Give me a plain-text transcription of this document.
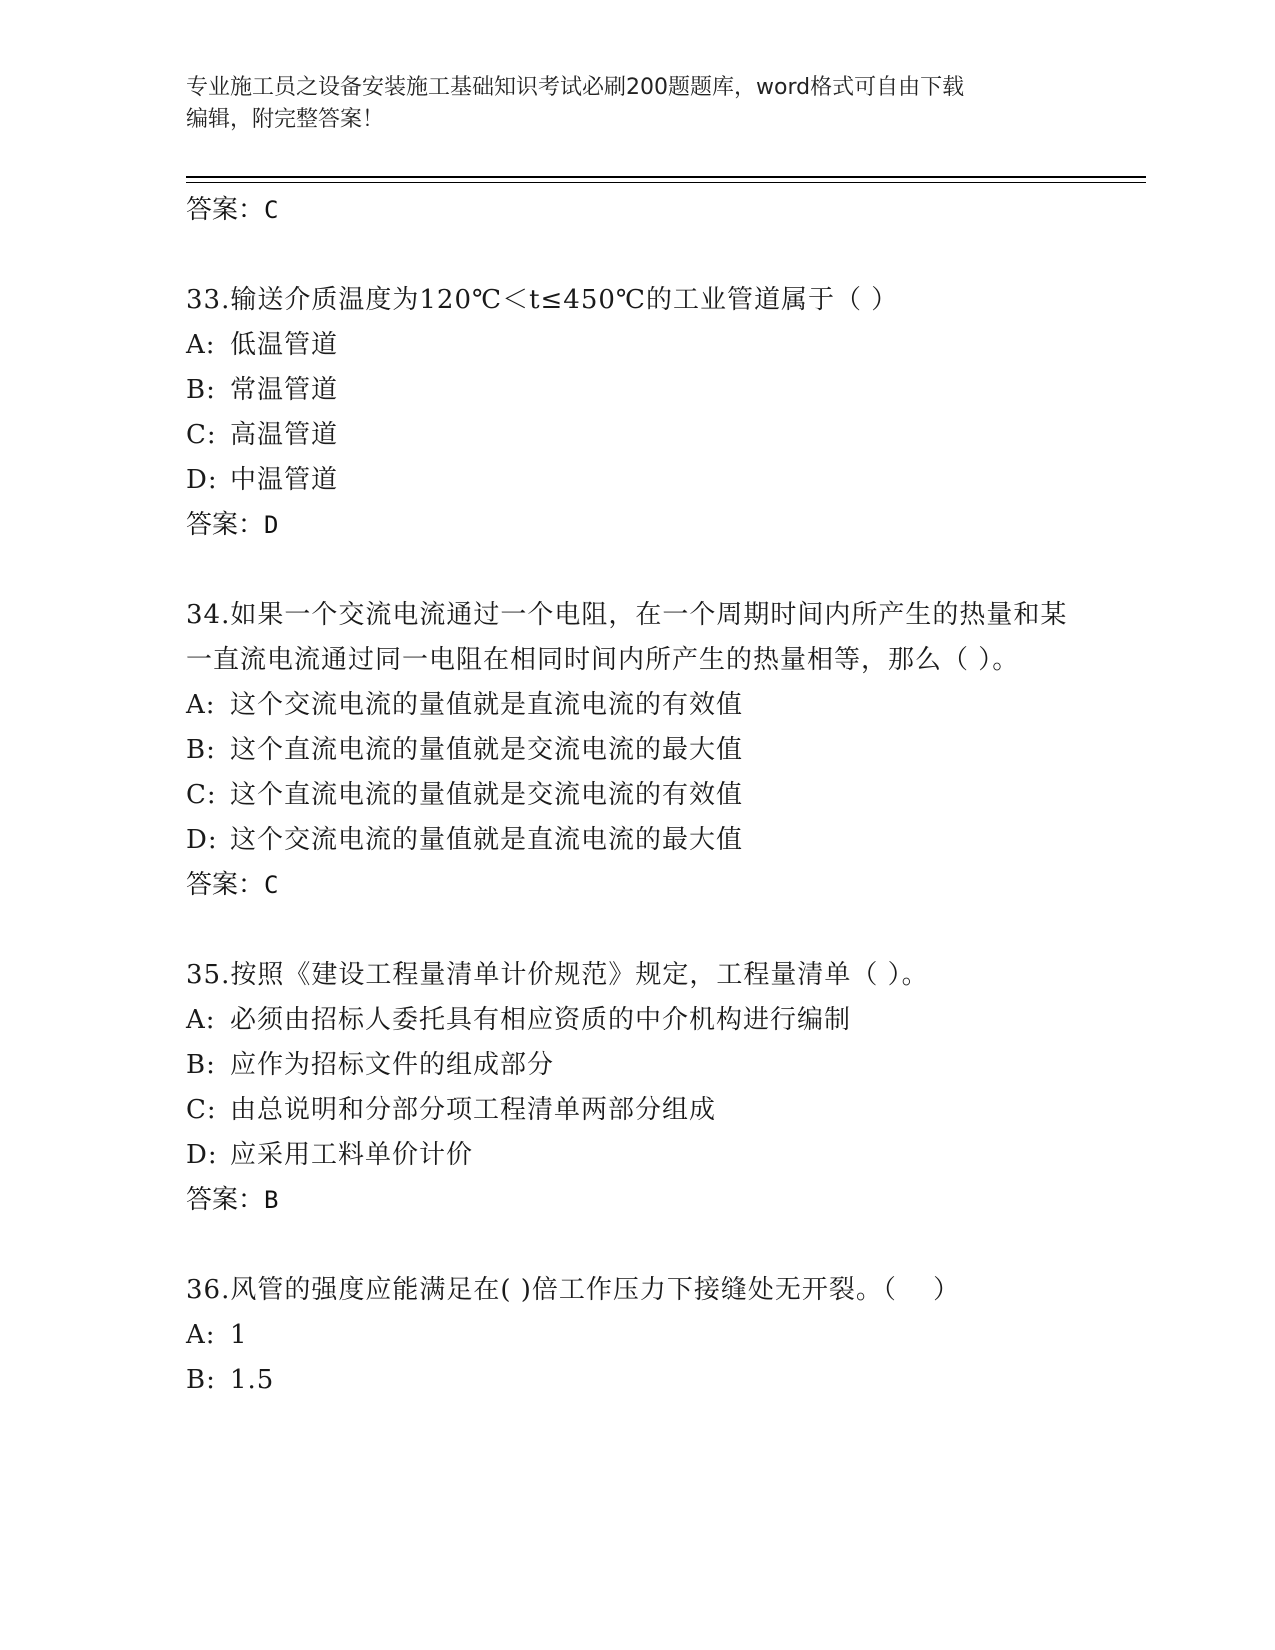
专业施工员之设备安装施工基础知识考试必刷200题题库，word格式可自由下载
编辑，附完整答案！

答案：C

33.输送介质温度为120℃＜t≤450℃的工业管道属于（ ）

A: 低温管道

B: 常温管道

C: 高温管道

D: 中温管道

答案：D

34.如果一个交流电流通过一个电阻，在一个周期时间内所产生的热量和某一直流电流通过同一电阻在相同时间内所产生的热量相等，那么（ ）。

A: 这个交流电流的量值就是直流电流的有效值

B: 这个直流电流的量值就是交流电流的最大值

C: 这个直流电流的量值就是交流电流的有效值

D: 这个交流电流的量值就是直流电流的最大值

答案：C

35.按照《建设工程量清单计价规范》规定，工程量清单（ ）。

A: 必须由招标人委托具有相应资质的中介机构进行编制

B: 应作为招标文件的组成部分

C: 由总说明和分部分项工程清单两部分组成

D: 应采用工料单价计价

答案：B

36.风管的强度应能满足在( )倍工作压力下接缝处无开裂。（　 ）

A: 1

B: 1.5
